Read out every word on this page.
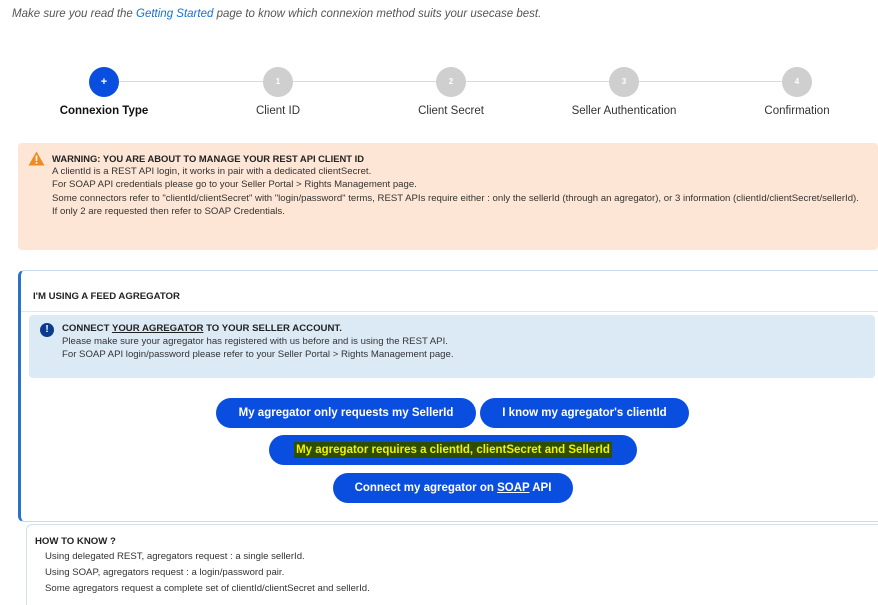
Make sure you read the Getting Started page to know which connexion method suits your usecase best.
+
Connexion Type
1
Client ID
2
Client Secret
3
Seller Authentication
4
Confirmation
WARNING: YOU ARE ABOUT TO MANAGE YOUR REST API CLIENT ID
A clientId is a REST API login, it works in pair with a dedicated clientSecret.
For SOAP API credentials please go to your Seller Portal > Rights Management page.
Some connectors refer to "clientId/clientSecret" with "login/password" terms, REST APIs require either : only the sellerId (through an agregator), or 3 information (clientId/clientSecret/sellerId).
If only 2 are requested then refer to SOAP Credentials.
I'M USING A FEED AGREGATOR
!	CONNECT YOUR AGREGATOR TO YOUR SELLER ACCOUNT.
Please make sure your agregator has registered with us before and is using the REST API.
For SOAP API login/password please refer to your Seller Portal > Rights Management page.
My agregator only requests my SellerId	I know my agregator's clientId
My agregator requires a clientId, clientSecret and SellerId
Connect my agregator on SOAP API
HOW TO KNOW ?
Using delegated REST, agregators request : a single sellerId.
Using SOAP, agregators request : a login/password pair.
Some agregators request a complete set of clientId/clientSecret and sellerId.
